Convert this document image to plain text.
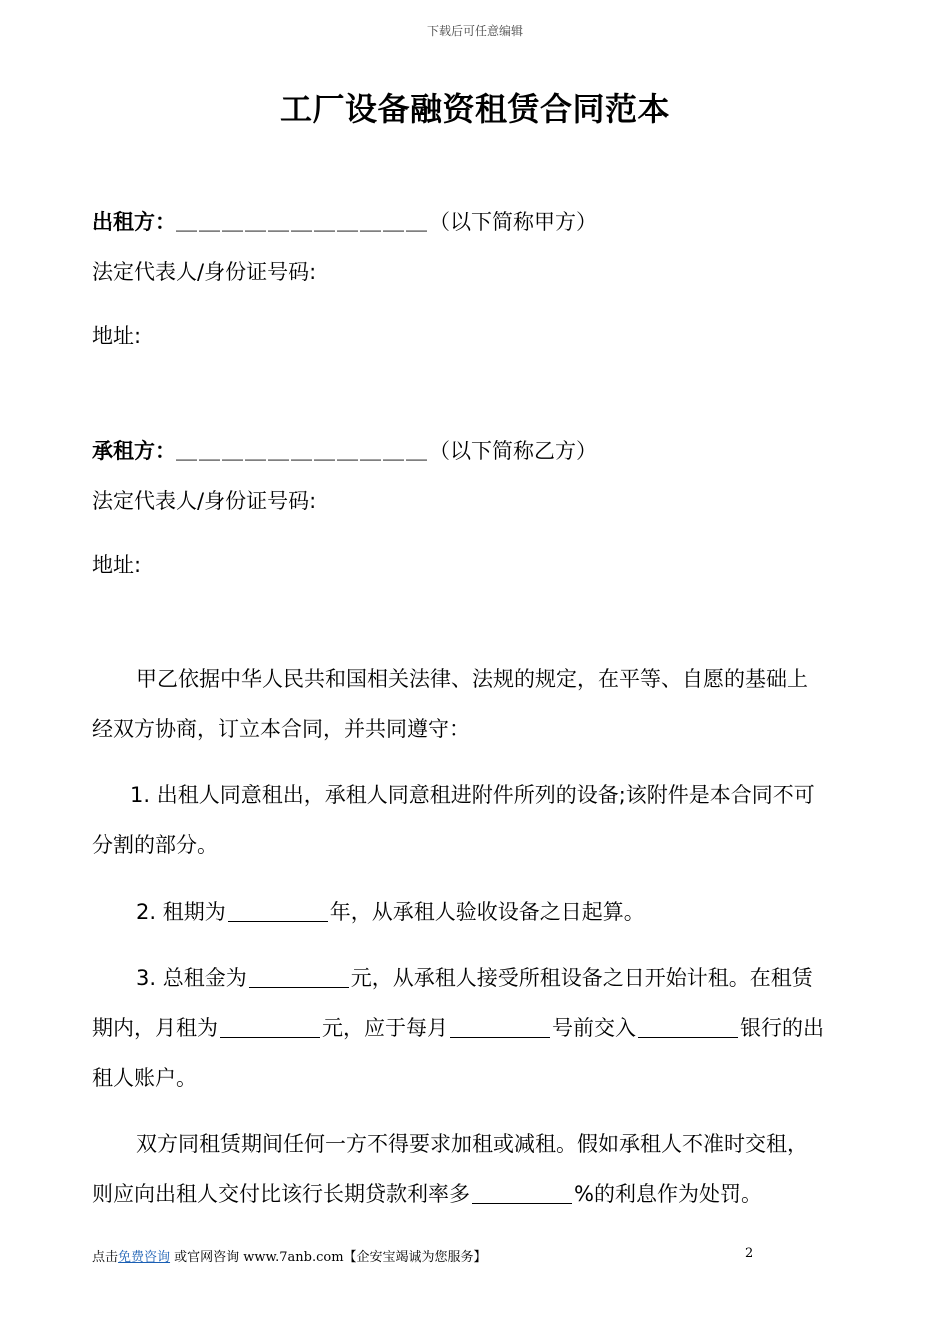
下载后可任意编辑
工厂设备融资租赁合同范本
出租方：＿＿＿＿＿＿＿＿＿＿＿（以下简称甲方）
法定代表人/身份证号码:
地址:
承租方：＿＿＿＿＿＿＿＿＿＿＿（以下简称乙方）
法定代表人/身份证号码:
地址:
甲乙依据中华人民共和国相关法律、法规的规定，在平等、自愿的基础上
经双方协商，订立本合同，并共同遵守：
1. 出租人同意租出，承租人同意租进附件所列的设备;该附件是本合同不可
分割的部分。
2. 租期为	年，从承租人验收设备之日起算。
3. 总租金为	元，从承租人接受所租设备之日开始计租。在租赁
期内，月租为	元，应于每月	号前交入	银行的出
租人账户。
双方同租赁期间任何一方不得要求加租或减租。假如承租人不准时交租，
则应向出租人交付比该行长期贷款利率多	%的利息作为处罚。
点击免费咨询 或官网咨询 www.7anb.com【企安宝竭诚为您服务】	2
